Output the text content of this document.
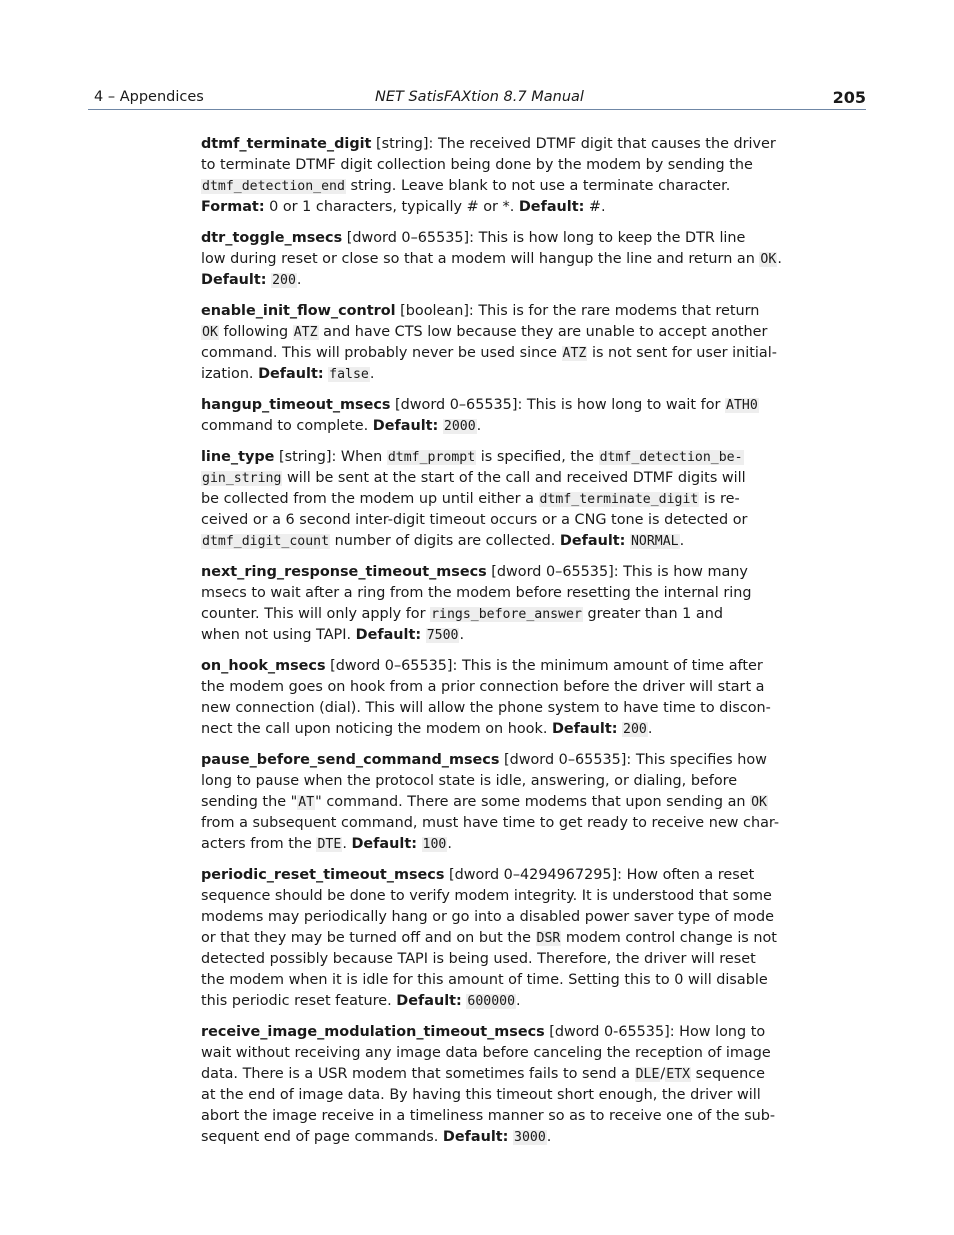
4 – Appendices	NET SatisFAXtion 8.7 Manual	205
dtmf_terminate_digit [string]: The received DTMF digit that causes the driver
to terminate DTMF digit collection being done by the modem by sending the
dtmf_detection_end string. Leave blank to not use a terminate character.
Format: 0 or 1 characters, typically # or *. Default: #.
dtr_toggle_msecs [dword 0–65535]: This is how long to keep the DTR line
low during reset or close so that a modem will hangup the line and return an OK.
Default: 200.
enable_init_flow_control [boolean]: This is for the rare modems that return
OK following ATZ and have CTS low because they are unable to accept another
command. This will probably never be used since ATZ is not sent for user initial-
ization. Default: false.
hangup_timeout_msecs [dword 0–65535]: This is how long to wait for ATH0
command to complete. Default: 2000.
line_type [string]: When dtmf_prompt is specified, the dtmf_detection_be-
gin_string will be sent at the start of the call and received DTMF digits will
be collected from the modem up until either a dtmf_terminate_digit is re-
ceived or a 6 second inter-digit timeout occurs or a CNG tone is detected or
dtmf_digit_count number of digits are collected. Default: NORMAL.
next_ring_response_timeout_msecs [dword 0–65535]: This is how many
msecs to wait after a ring from the modem before resetting the internal ring
counter. This will only apply for rings_before_answer greater than 1 and
when not using TAPI. Default: 7500.
on_hook_msecs [dword 0–65535]: This is the minimum amount of time after
the modem goes on hook from a prior connection before the driver will start a
new connection (dial). This will allow the phone system to have time to discon-
nect the call upon noticing the modem on hook. Default: 200.
pause_before_send_command_msecs [dword 0–65535]: This specifies how
long to pause when the protocol state is idle, answering, or dialing, before
sending the "AT" command. There are some modems that upon sending an OK
from a subsequent command, must have time to get ready to receive new char-
acters from the DTE. Default: 100.
periodic_reset_timeout_msecs [dword 0–4294967295]: How often a reset
sequence should be done to verify modem integrity. It is understood that some
modems may periodically hang or go into a disabled power saver type of mode
or that they may be turned off and on but the DSR modem control change is not
detected possibly because TAPI is being used. Therefore, the driver will reset
the modem when it is idle for this amount of time. Setting this to 0 will disable
this periodic reset feature. Default: 600000.
receive_image_modulation_timeout_msecs [dword 0-65535]: How long to
wait without receiving any image data before canceling the reception of image
data. There is a USR modem that sometimes fails to send a DLE/ETX sequence
at the end of image data. By having this timeout short enough, the driver will
abort the image receive in a timeliness manner so as to receive one of the sub-
sequent end of page commands. Default: 3000.
